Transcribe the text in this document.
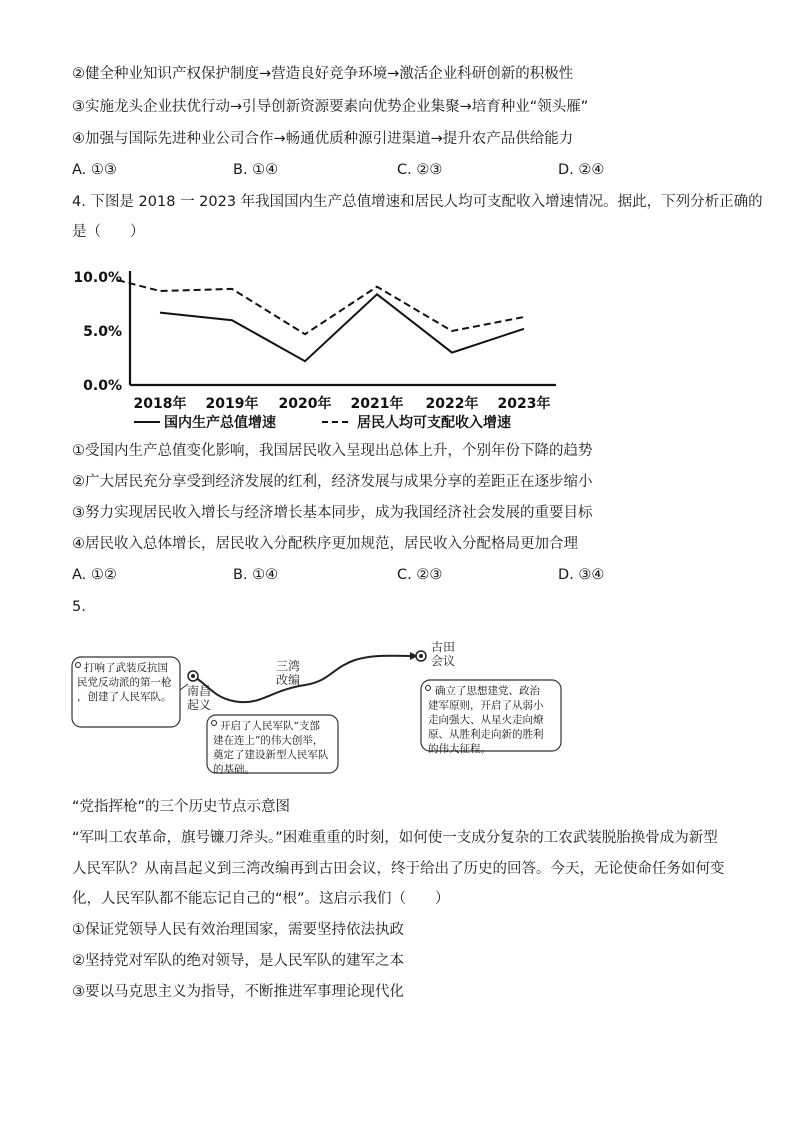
②健全种业知识产权保护制度→营造良好竞争环境→激活企业科研创新的积极性
③实施龙头企业扶优行动→引导创新资源要素向优势企业集聚→培育种业“领头雁”
④加强与国际先进种业公司合作→畅通优质种源引进渠道→提升农产品供给能力
A. ①③	B. ①④	C. ②③	D. ②④
4. 下图是 2018 一 2023 年我国国内生产总值增速和居民人均可支配收入增速情况。据此，下列分析正确的
是（　　）
10.0%
5.0%
0.0%
2018年 2019年 2020年 2021年 2022年 2023年
国内生产总值增速	居民人均可支配收入增速
①受国内生产总值变化影响，我国居民收入呈现出总体上升，个别年份下降的趋势
②广大居民充分享受到经济发展的红利，经济发展与成果分享的差距正在逐步缩小
③努力实现居民收入增长与经济增长基本同步，成为我国经济社会发展的重要目标
④居民收入总体增长，居民收入分配秩序更加规范，居民收入分配格局更加合理
A. ①②	B. ①④	C. ②③	D. ③④
5.
南昌
起义
三湾
改编
古田
会议
打响了武装反抗国
民党反动派的第一枪
，创建了人民军队。
开启了人民军队“支部
建在连上”的伟大创举，
奠定了建设新型人民军队
的基础。
确立了思想建党、政治
建军原则，开启了从弱小
走向强大、从星火走向燎
原、从胜利走向新的胜利
的伟大征程。
“党指挥枪”的三个历史节点示意图
“军叫工农革命，旗号镰刀斧头。”困难重重的时刻，如何使一支成分复杂的工农武装脱胎换骨成为新型
人民军队？从南昌起义到三湾改编再到古田会议，终于给出了历史的回答。今天，无论使命任务如何变
化，人民军队都不能忘记自己的“根”。这启示我们（　　）
①保证党领导人民有效治理国家，需要坚持依法执政
②坚持党对军队的绝对领导，是人民军队的建军之本
③要以马克思主义为指导，不断推进军事理论现代化
